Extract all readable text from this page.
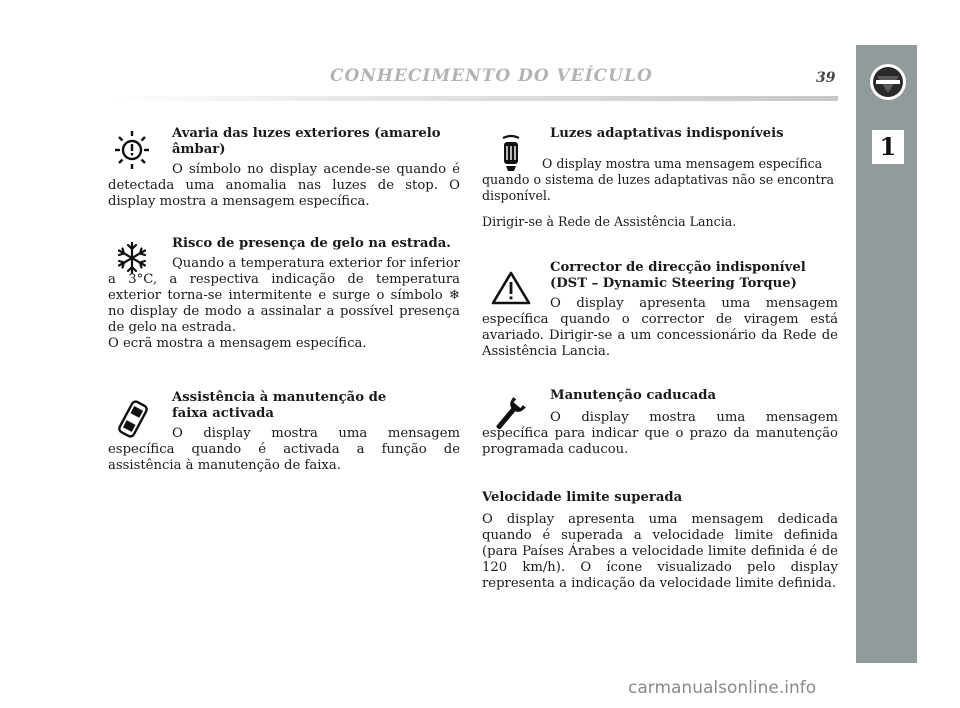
CONHECIMENTO DO VEÍCULO	39
1
Avaria das luzes exteriores (amarelo âmbar)

O símbolo no display acende-se quando é detectada uma anomalia nas luzes de stop. O display mostra a mensagem específica.

Risco de presença de gelo na estrada.

Quando a temperatura exterior for inferior a 3°C, a respectiva indicação de temperatura exterior torna-se intermitente e surge o símbolo ❄ no display de modo a assinalar a possível presença de gelo na estrada.

O ecrã mostra a mensagem específica.

Assistência à manutenção de faixa activada

O display mostra uma mensagem específica quando é activada a função de assistência à manutenção de faixa.

Luzes adaptativas indisponíveis

O display mostra uma mensagem específica quando o sistema de luzes adaptativas não se encontra disponível.

Dirigir-se à Rede de Assistência Lancia.

Corrector de direcção indisponível (DST – Dynamic Steering Torque)

O display apresenta uma mensagem específica quando o corrector de viragem está avariado. Dirigir-se a um concessionário da Rede de Assistência Lancia.

Manutenção caducada

O display mostra uma mensagem específica para indicar que o prazo da manutenção programada caducou.

Velocidade limite superada

O display apresenta uma mensagem dedicada quando é superada a velocidade limite definida (para Países Árabes a velocidade limite definida é de 120 km/h). O ícone visualizado pelo display representa a indicação da velocidade limite definida.

carmanualsonline.info
